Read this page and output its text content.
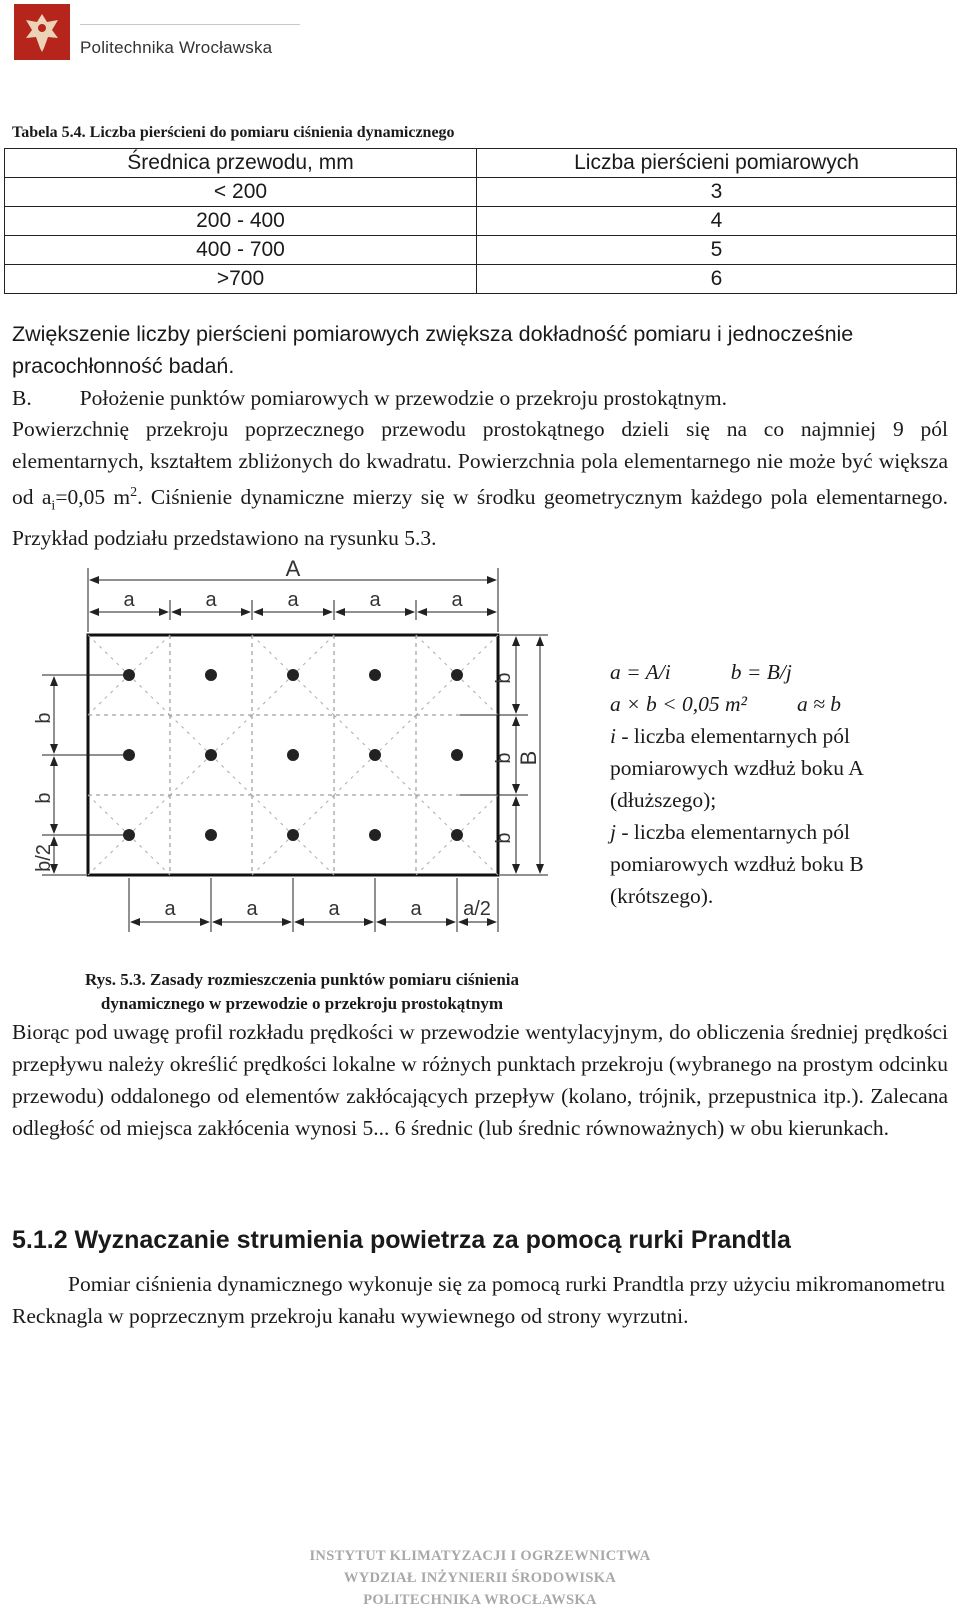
Politechnika Wrocławska
Tabela 5.4. Liczba pierścieni do pomiaru ciśnienia dynamicznego
Średnica przewodu, mm	Liczba pierścieni pomiarowych
< 200	3
200 - 400	4
400 - 700	5
>700	6
Zwiększenie liczby pierścieni pomiarowych zwiększa dokładność pomiaru i jednocześnie pracochłonność badań.
B. Położenie punktów pomiarowych w przewodzie o przekroju prostokątnym.
Powierzchnię przekroju poprzecznego przewodu prostokątnego dzieli się na co najmniej 9 pól elementarnych, kształtem zbliżonych do kwadratu. Powierzchnia pola elementarnego nie może być większa od $a_i=0,05$ $m^2$. Ciśnienie dynamiczne mierzy się w środku geometrycznym każdego pola elementarnego. Przykład podziału przedstawiono na rysunku 5.3.
A
a	a	a	a	a
a	a	a	a a/2
b
b
b/2
b
b
b
B
a = A/i	b = B/j
a × b < 0,05 m² a ≈ b
i - liczba elementarnych pól pomiarowych wzdłuż boku A (dłuższego);
j - liczba elementarnych pól pomiarowych wzdłuż boku B (krótszego).
Rys. 5.3. Zasady rozmieszczenia punktów pomiaru ciśnienia
dynamicznego w przewodzie o przekroju prostokątnym
Biorąc pod uwagę profil rozkładu prędkości w przewodzie wentylacyjnym, do obliczenia średniej prędkości przepływu należy określić prędkości lokalne w różnych punktach przekroju (wybranego na prostym odcinku przewodu) oddalonego od elementów zakłócających przepływ (kolano, trójnik, przepustnica itp.). Zalecana odległość od miejsca zakłócenia wynosi 5... 6 średnic (lub średnic równoważnych) w obu kierunkach.
5.1.2 Wyznaczanie strumienia powietrza za pomocą rurki Prandtla
Pomiar ciśnienia dynamicznego wykonuje się za pomocą rurki Prandtla przy użyciu mikromanometru Recknagla w poprzecznym przekroju kanału wywiewnego od strony wyrzutni.
INSTYTUT KLIMATYZACJI I OGRZEWNICTWA
WYDZIAŁ INŻYNIERII ŚRODOWISKA
POLITECHNIKA WROCŁAWSKA
